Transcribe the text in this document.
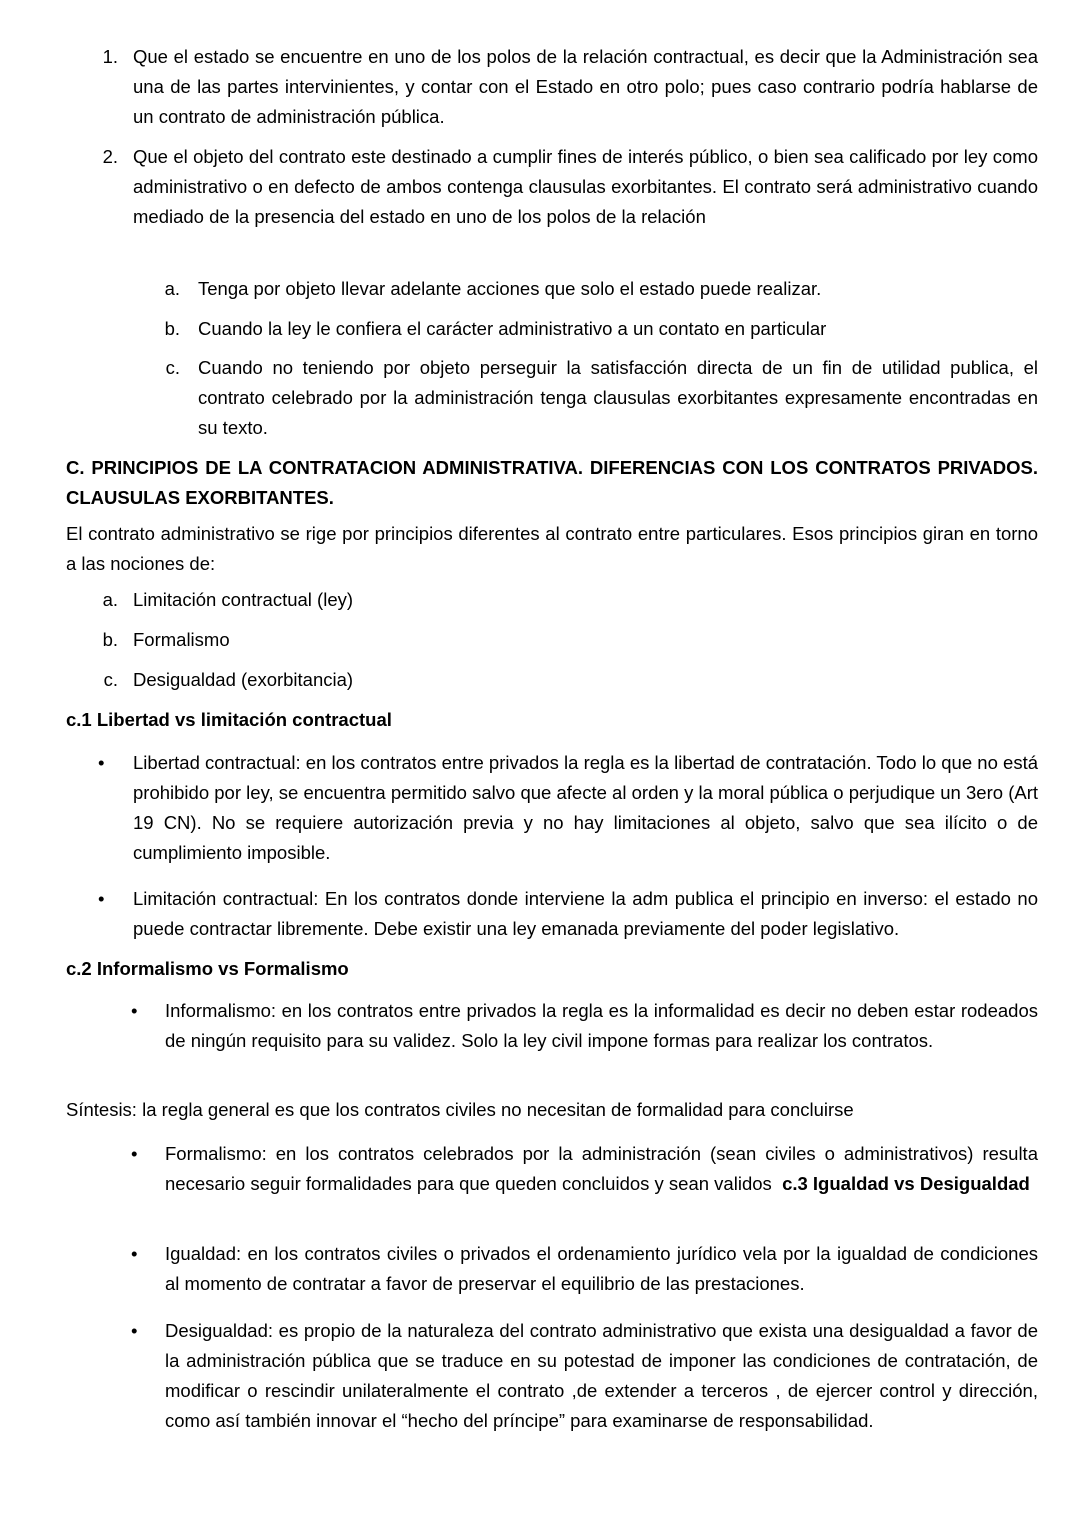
1. Que el estado se encuentre en uno de los polos de la relación contractual, es decir que la Administración sea una de las partes intervinientes, y contar con el Estado en otro polo; pues caso contrario podría hablarse de un contrato de administración pública.
2. Que el objeto del contrato este destinado a cumplir fines de interés público, o bien sea calificado por ley como administrativo o en defecto de ambos contenga clausulas exorbitantes. El contrato será administrativo cuando mediado de la presencia del estado en uno de los polos de la relación
a. Tenga por objeto llevar adelante acciones que solo el estado puede realizar.
b. Cuando la ley le confiera el carácter administrativo a un contato en particular
c. Cuando no teniendo por objeto perseguir la satisfacción directa de un fin de utilidad publica, el contrato celebrado por la administración tenga clausulas exorbitantes expresamente encontradas en su texto.

C. PRINCIPIOS DE LA CONTRATACION ADMINISTRATIVA. DIFERENCIAS CON LOS CONTRATOS PRIVADOS. CLAUSULAS EXORBITANTES.

El contrato administrativo se rige por principios diferentes al contrato entre particulares. Esos principios giran en torno a las nociones de:

a. Limitación contractual (ley)
b. Formalismo
c. Desigualdad (exorbitancia)

c.1 Libertad vs limitación contractual

• Libertad contractual: en los contratos entre privados la regla es la libertad de contratación. Todo lo que no está prohibido por ley, se encuentra permitido salvo que afecte al orden y la moral pública o perjudique un 3ero (Art 19 CN). No se requiere autorización previa y no hay limitaciones al objeto, salvo que sea ilícito o de cumplimiento imposible.
• Limitación contractual: En los contratos donde interviene la adm publica el principio en inverso: el estado no puede contractar libremente. Debe existir una ley emanada previamente del poder legislativo.

c.2 Informalismo vs Formalismo

• Informalismo: en los contratos entre privados la regla es la informalidad es decir no deben estar rodeados de ningún requisito para su validez. Solo la ley civil impone formas para realizar los contratos.

Síntesis: la regla general es que los contratos civiles no necesitan de formalidad para concluirse

• Formalismo: en los contratos celebrados por la administración (sean civiles o administrativos) resulta necesario seguir formalidades para que queden concluidos y sean validos c.3 Igualdad vs Desigualdad
• Igualdad: en los contratos civiles o privados el ordenamiento jurídico vela por la igualdad de condiciones al momento de contratar a favor de preservar el equilibrio de las prestaciones.
• Desigualdad: es propio de la naturaleza del contrato administrativo que exista una desigualdad a favor de la administración pública que se traduce en su potestad de imponer las condiciones de contratación, de modificar o rescindir unilateralmente el contrato ,de extender a terceros , de ejercer control y dirección, como así también innovar el “hecho del príncipe” para examinarse de responsabilidad.
